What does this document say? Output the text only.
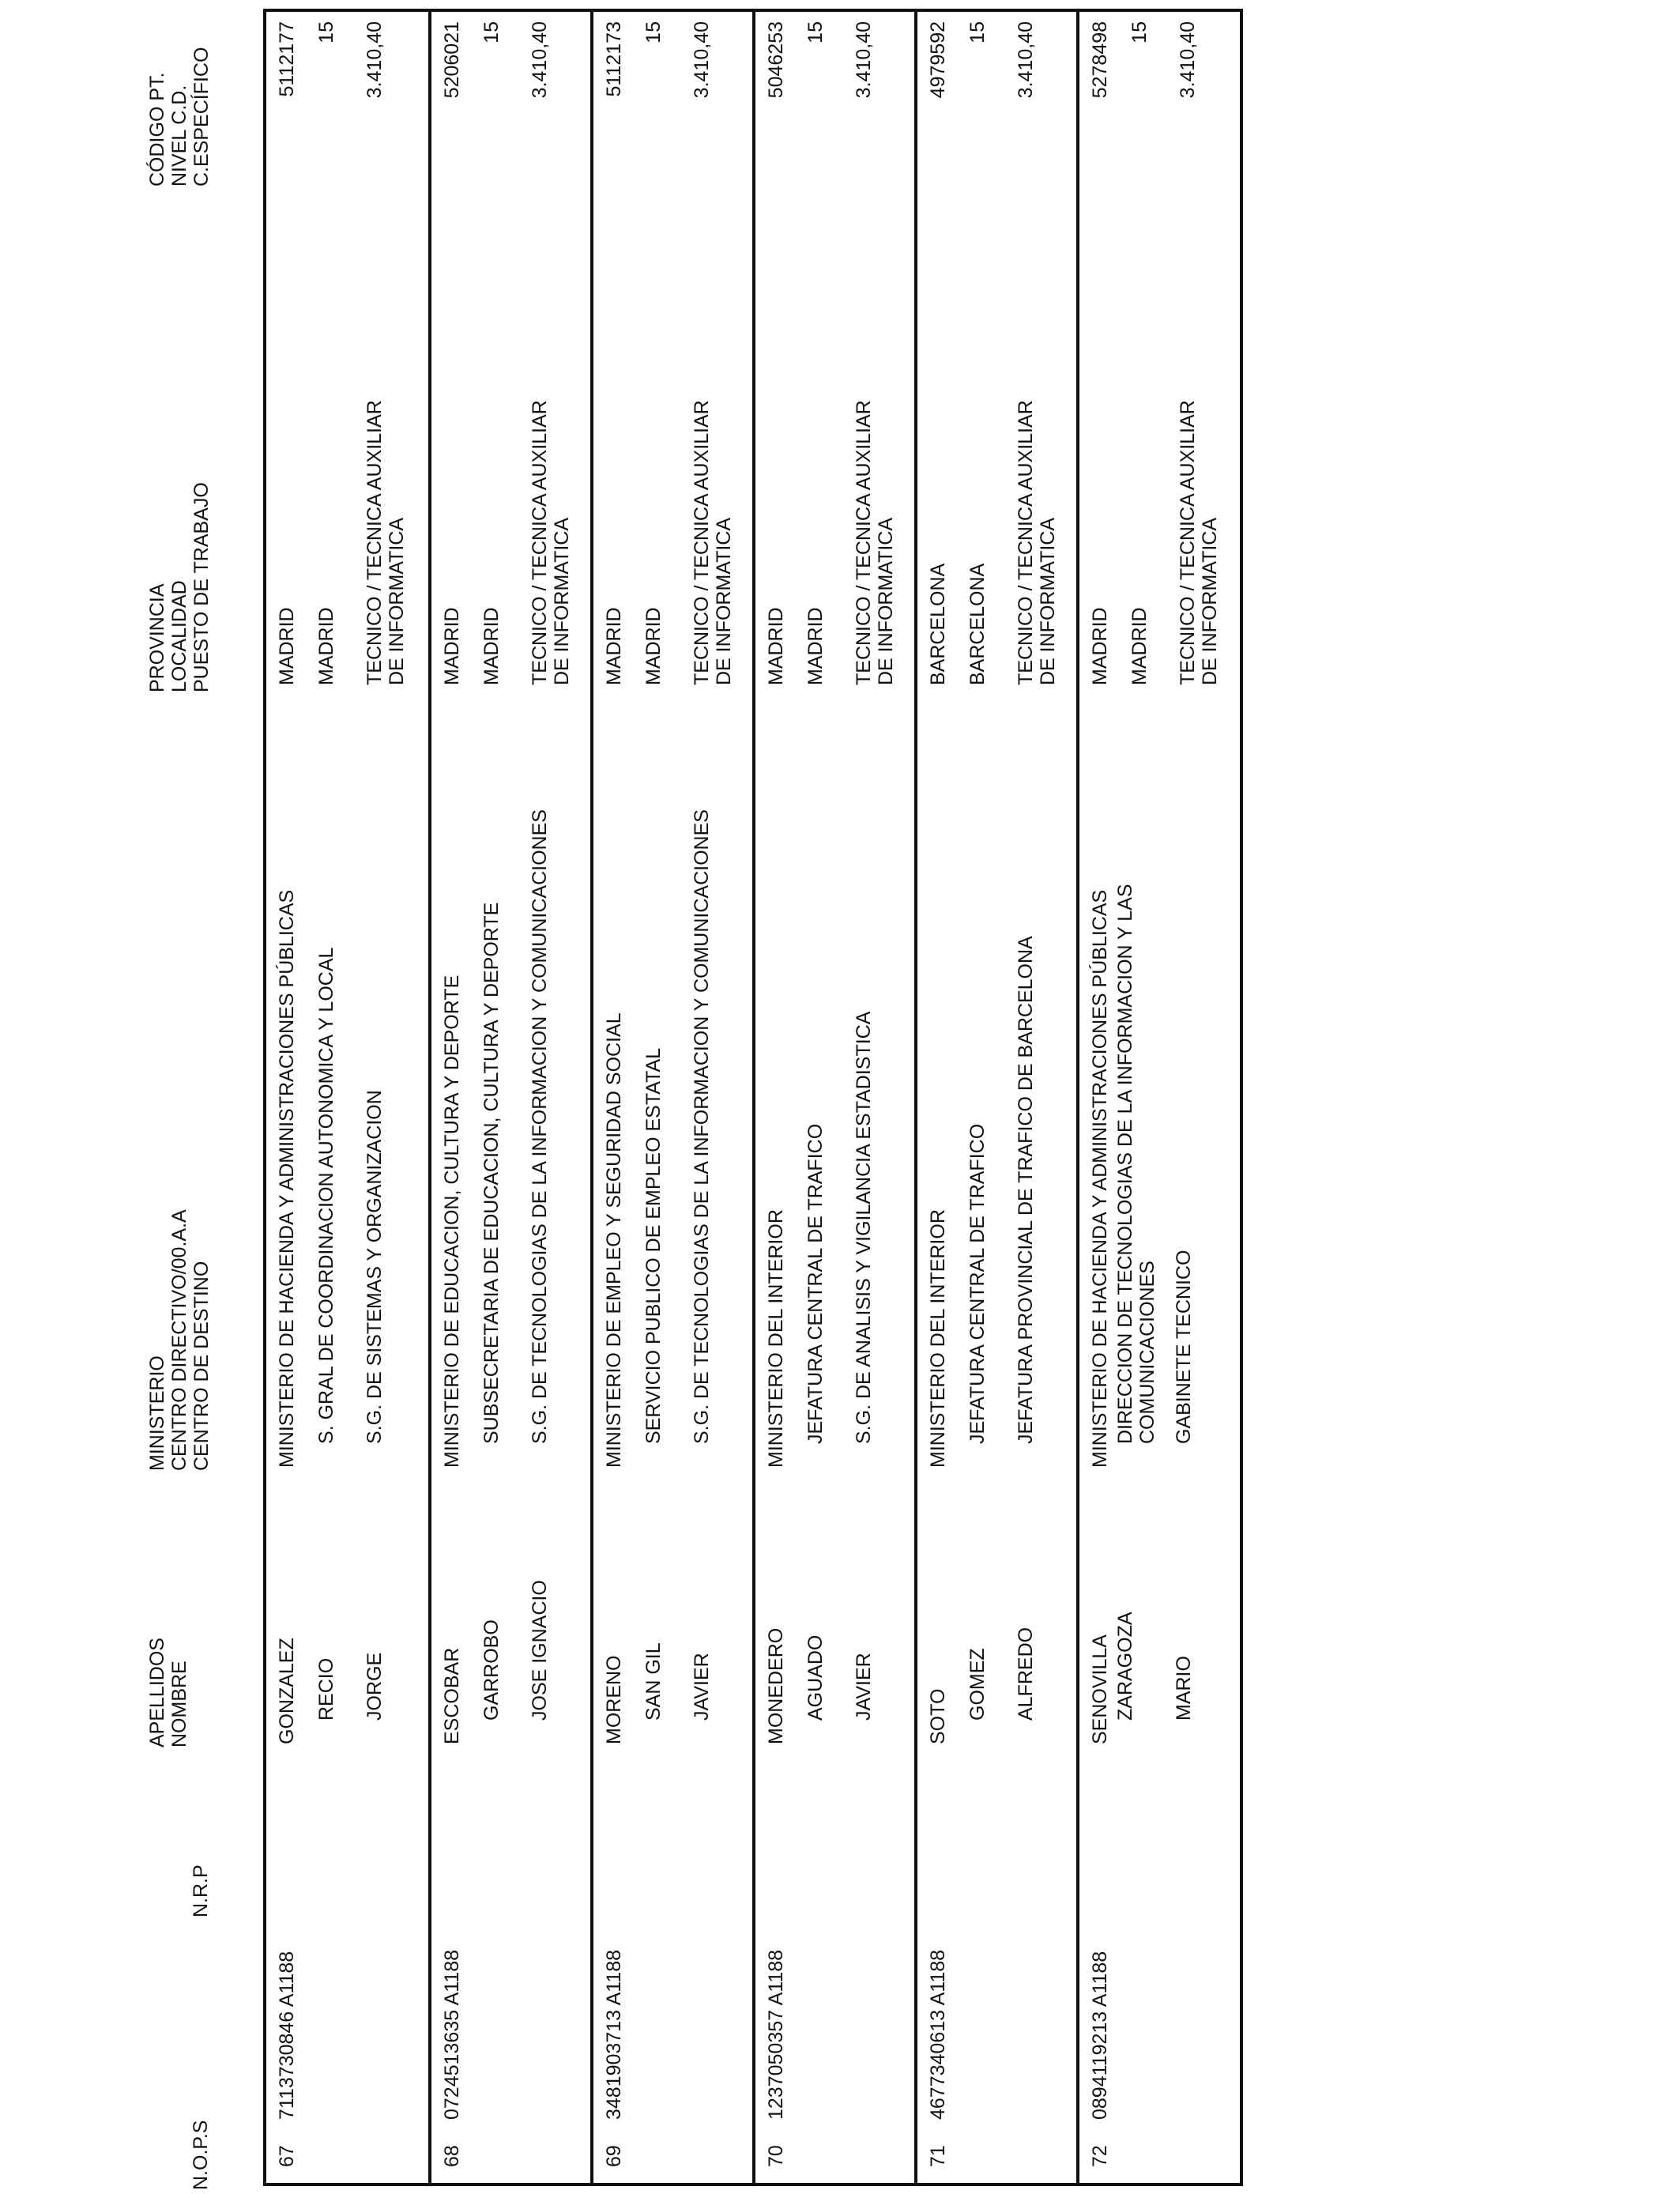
N.O.P.S
N.R.P
APELLIDOS NOMBRE
MINISTERIO CENTRO DIRECTIVO/00.A.A CENTRO DE DESTINO
PROVINCIA LOCALIDAD PUESTO DE TRABAJO
CÓDIGO PT. NIVEL C.D. C.ESPECÍFICO
67
7113730846 A1188
GONZALEZ RECIO JORGE
MINISTERIO DE HACIENDA Y ADMINISTRACIONES PÚBLICAS S. GRAL DE COORDINACION AUTONOMICA Y LOCAL S.G. DE SISTEMAS Y ORGANIZACION
MADRID MADRID TECNICO / TECNICA AUXILIAR DE INFORMATICA
5112177 15 3.410,40
68
0724513635 A1188
ESCOBAR GARROBO JOSE IGNACIO
MINISTERIO DE EDUCACION, CULTURA Y DEPORTE SUBSECRETARIA DE EDUCACION, CULTURA Y DEPORTE S.G. DE TECNOLOGIAS DE LA INFORMACION Y COMUNICACIONES
MADRID MADRID TECNICO / TECNICA AUXILIAR DE INFORMATICA
5206021 15 3.410,40
69
3481903713 A1188
MORENO SAN GIL JAVIER
MINISTERIO DE EMPLEO Y SEGURIDAD SOCIAL SERVICIO PUBLICO DE EMPLEO ESTATAL S.G. DE TECNOLOGIAS DE LA INFORMACION Y COMUNICACIONES
MADRID MADRID TECNICO / TECNICA AUXILIAR DE INFORMATICA
5112173 15 3.410,40
70
1237050357 A1188
MONEDERO AGUADO JAVIER
MINISTERIO DEL INTERIOR JEFATURA CENTRAL DE TRAFICO S.G. DE ANALISIS Y VIGILANCIA ESTADISTICA
MADRID MADRID TECNICO / TECNICA AUXILIAR DE INFORMATICA
5046253 15 3.410,40
71
4677340613 A1188
SOTO GOMEZ ALFREDO
MINISTERIO DEL INTERIOR JEFATURA CENTRAL DE TRAFICO JEFATURA PROVINCIAL DE TRAFICO DE BARCELONA
BARCELONA BARCELONA TECNICO / TECNICA AUXILIAR DE INFORMATICA
4979592 15 3.410,40
72
0894119213 A1188
SENOVILLA ZARAGOZA MARIO
MINISTERIO DE HACIENDA Y ADMINISTRACIONES PÚBLICAS DIRECCION DE TECNOLOGIAS DE LA INFORMACION Y LAS COMUNICACIONES GABINETE TECNICO
MADRID MADRID TECNICO / TECNICA AUXILIAR DE INFORMATICA
5278498 15 3.410,40
